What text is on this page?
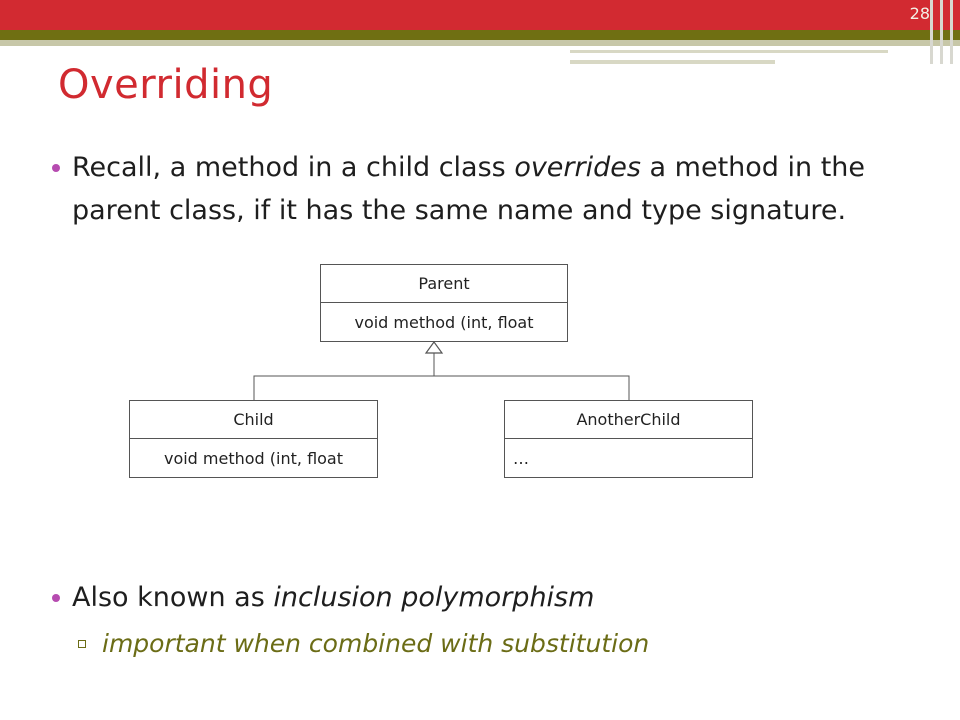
28
Overriding
Recall, a method in a child class overrides a method in the parent class, if it has the same name and type signature.
Parent
void method (int, float
Child
void method (int, float
AnotherChild
…
Also known as inclusion polymorphism
important when combined with substitution
